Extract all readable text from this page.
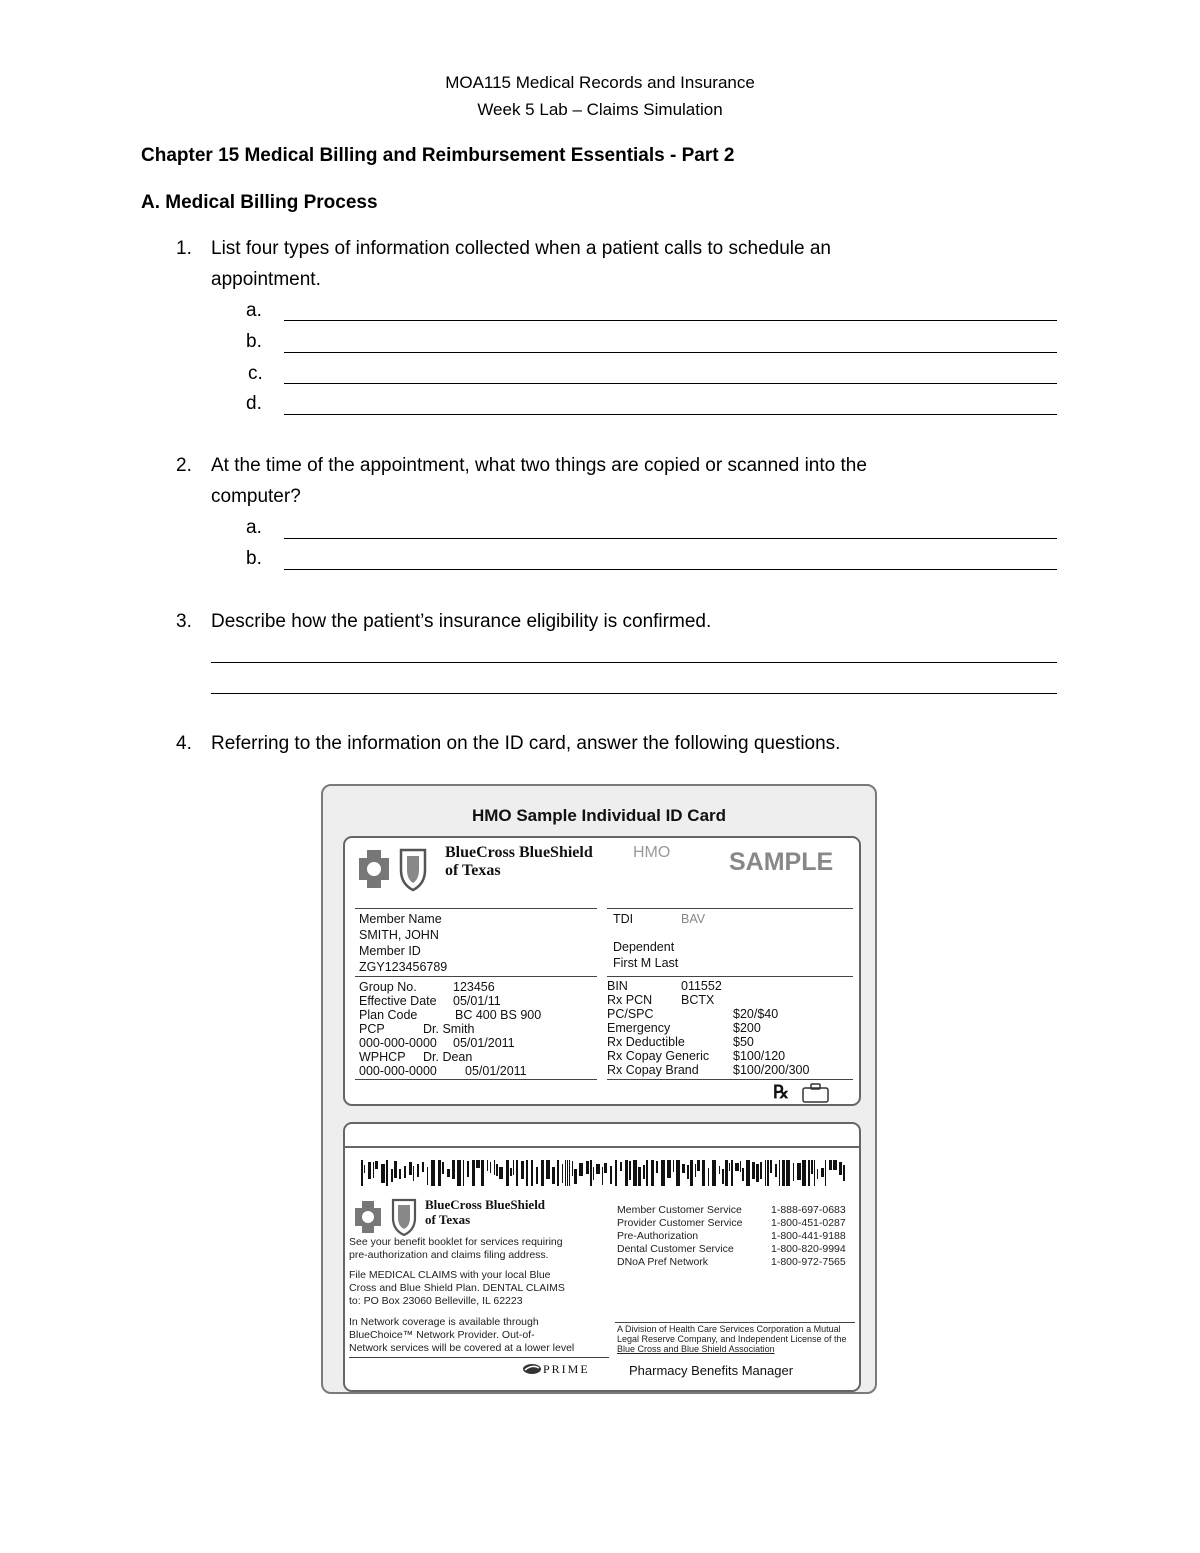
MOA115 Medical Records and Insurance
Week 5 Lab – Claims Simulation
Chapter 15 Medical Billing and Reimbursement Essentials - Part 2
A. Medical Billing Process
1. List four types of information collected when a patient calls to schedule an
appointment.
a.
b.
c.
d.
2. At the time of the appointment, what two things are copied or scanned into the
computer?
a.
b.
3. Describe how the patient’s insurance eligibility is confirmed.
4. Referring to the information on the ID card, answer the following questions.
HMO Sample Individual ID Card
BlueCross BlueShield	HMO
of Texas	SAMPLE
Member Name
SMITH, JOHN
Member ID
ZGY123456789
Group No.	123456
Effective Date 05/01/11
Plan Code	BC 400 BS 900
PCP	Dr. Smith
000-000-0000 05/01/2011
WPHCP Dr. Dean
000-000-0000 05/01/2011
TDI	BAV
Dependent
First M Last
BIN	011552
Rx PCN BCTX
PC/SPC	$20/$40
Emergency	$200
Rx Deductible	$50
Rx Copay Generic $100/120
Rx Copay Brand	$100/200/300
℞
BlueCross BlueShield
of Texas
See your benefit booklet for services requiring
pre-authorization and claims filing address.
File MEDICAL CLAIMS with your local Blue
Cross and Blue Shield Plan. DENTAL CLAIMS
to: PO Box 23060 Belleville, IL 62223
In Network coverage is available through
BlueChoice™ Network Provider. Out-of-
Network services will be covered at a lower level
Member Customer Service	1-888-697-0683
Provider Customer Service	1-800-451-0287
Pre-Authorization	1-800-441-9188
Dental Customer Service	1-800-820-9994
DNoA Pref Network	1-800-972-7565
A Division of Health Care Services Corporation a Mutual
Legal Reserve Company, and Independent License of the
Blue Cross and Blue Shield Association
PRIME	Pharmacy Benefits Manager
